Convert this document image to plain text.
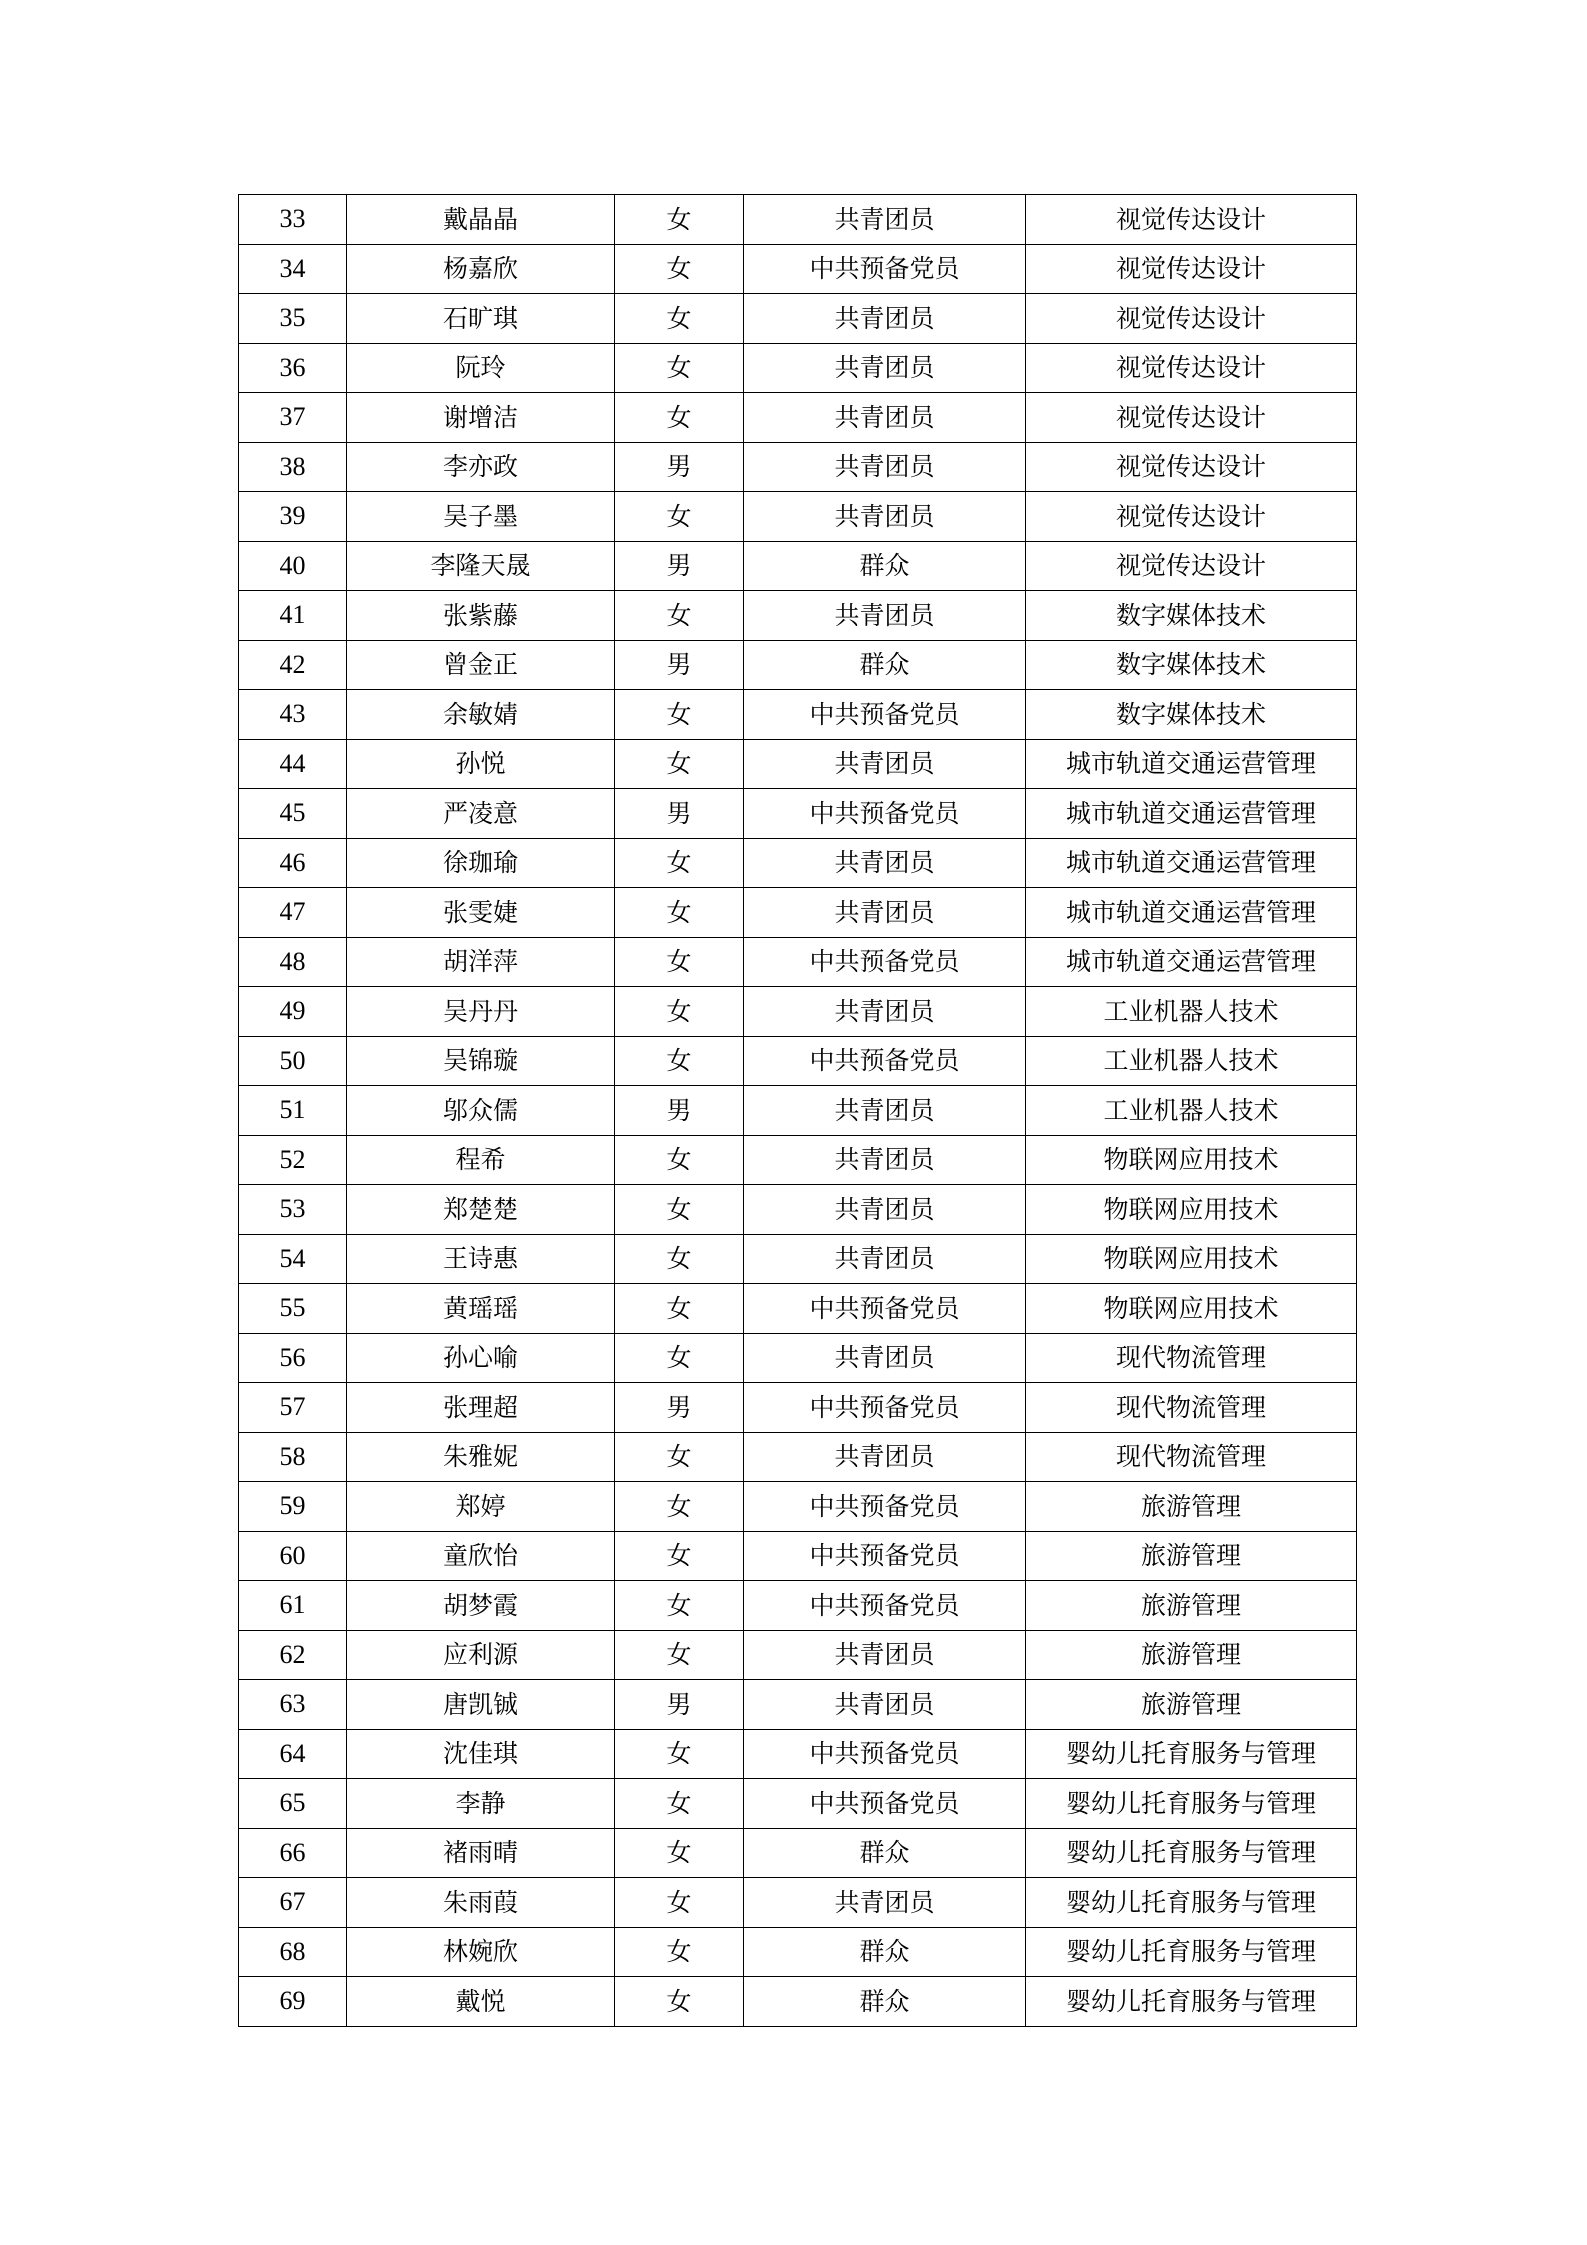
33	戴晶晶	女	共青团员	视觉传达设计
34	杨嘉欣	女	中共预备党员	视觉传达设计
35	石旷琪	女	共青团员	视觉传达设计
36	阮玲	女	共青团员	视觉传达设计
37	谢增洁	女	共青团员	视觉传达设计
38	李亦政	男	共青团员	视觉传达设计
39	吴子墨	女	共青团员	视觉传达设计
40	李隆天晟	男	群众	视觉传达设计
41	张紫藤	女	共青团员	数字媒体技术
42	曾金正	男	群众	数字媒体技术
43	余敏婧	女	中共预备党员	数字媒体技术
44	孙悦	女	共青团员	城市轨道交通运营管理
45	严凌意	男	中共预备党员	城市轨道交通运营管理
46	徐珈瑜	女	共青团员	城市轨道交通运营管理
47	张雯婕	女	共青团员	城市轨道交通运营管理
48	胡洋萍	女	中共预备党员	城市轨道交通运营管理
49	吴丹丹	女	共青团员	工业机器人技术
50	吴锦璇	女	中共预备党员	工业机器人技术
51	邬众儒	男	共青团员	工业机器人技术
52	程希	女	共青团员	物联网应用技术
53	郑楚楚	女	共青团员	物联网应用技术
54	王诗惠	女	共青团员	物联网应用技术
55	黄瑶瑶	女	中共预备党员	物联网应用技术
56	孙心喻	女	共青团员	现代物流管理
57	张理超	男	中共预备党员	现代物流管理
58	朱雅妮	女	共青团员	现代物流管理
59	郑婷	女	中共预备党员	旅游管理
60	童欣怡	女	中共预备党员	旅游管理
61	胡梦霞	女	中共预备党员	旅游管理
62	应利源	女	共青团员	旅游管理
63	唐凯铖	男	共青团员	旅游管理
64	沈佳琪	女	中共预备党员	婴幼儿托育服务与管理
65	李静	女	中共预备党员	婴幼儿托育服务与管理
66	褚雨晴	女	群众	婴幼儿托育服务与管理
67	朱雨葭	女	共青团员	婴幼儿托育服务与管理
68	林婉欣	女	群众	婴幼儿托育服务与管理
69	戴悦	女	群众	婴幼儿托育服务与管理
